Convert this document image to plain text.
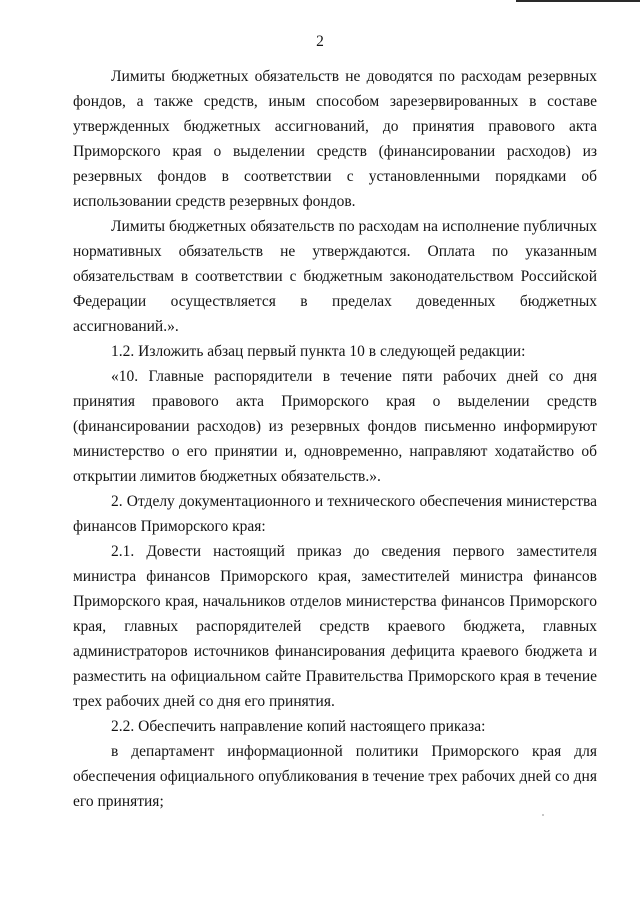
2

Лимиты бюджетных обязательств не доводятся по расходам резервных фондов, а также средств, иным способом зарезервированных в составе утвержденных бюджетных ассигнований, до принятия правового акта Приморского края о выделении средств (финансировании расходов) из резервных фондов в соответствии с установленными порядками об использовании средств резервных фондов.

Лимиты бюджетных обязательств по расходам на исполнение публичных нормативных обязательств не утверждаются. Оплата по указанным обязательствам в соответствии с бюджетным законодательством Российской Федерации осуществляется в пределах доведенных бюджетных ассигнований.».

1.2. Изложить абзац первый пункта 10 в следующей редакции:

«10. Главные распорядители в течение пяти рабочих дней со дня принятия правового акта Приморского края о выделении средств (финансировании расходов) из резервных фондов письменно информируют министерство о его принятии и, одновременно, направляют ходатайство об открытии лимитов бюджетных обязательств.».

2. Отделу документационного и технического обеспечения министерства финансов Приморского края:

2.1. Довести настоящий приказ до сведения первого заместителя министра финансов Приморского края, заместителей министра финансов Приморского края, начальников отделов министерства финансов Приморского края, главных распорядителей средств краевого бюджета, главных администраторов источников финансирования дефицита краевого бюджета и разместить на официальном сайте Правительства Приморского края в течение трех рабочих дней со дня его принятия.

2.2. Обеспечить направление копий настоящего приказа:

в департамент информационной политики Приморского края для обеспечения официального опубликования в течение трех рабочих дней со дня его принятия;
